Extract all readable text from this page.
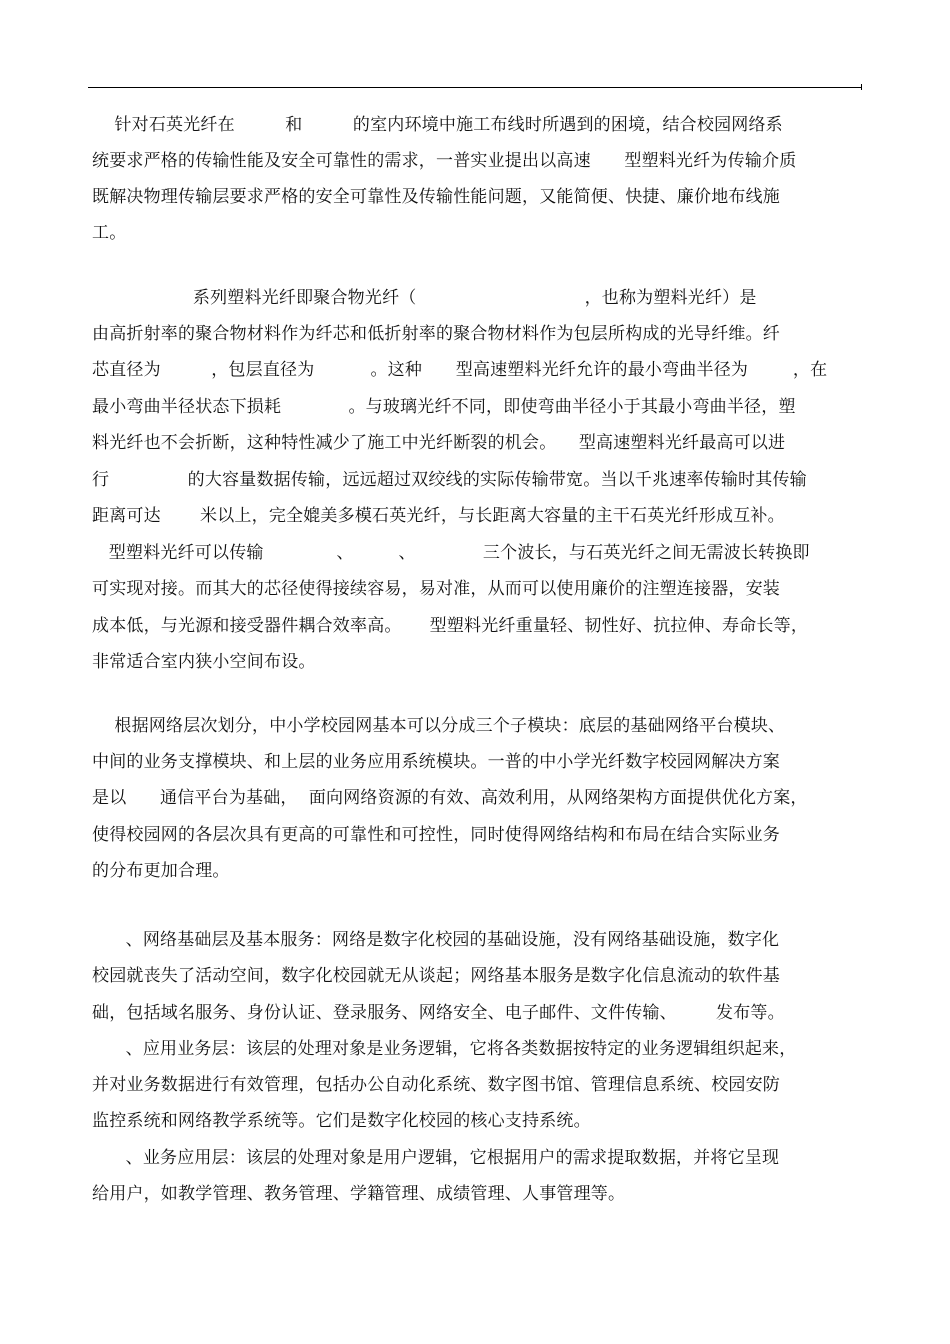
针对石英光纤在         和         的室内环境中施工布线时所遇到的困境，结合校园网络系
统要求严格的传输性能及安全可靠性的需求，一普实业提出以高速      型塑料光纤为传输介质
既解决物理传输层要求严格的安全可靠性及传输性能问题，又能简便、快捷、廉价地布线施
工。
系列塑料光纤即聚合物光纤（                              ，也称为塑料光纤）是
由高折射率的聚合物材料作为纤芯和低折射率的聚合物材料作为包层所构成的光导纤维。纤
芯直径为         ，包层直径为          。这种      型高速塑料光纤允许的最小弯曲半径为        ，在
最小弯曲半径状态下损耗            。与玻璃光纤不同，即使弯曲半径小于其最小弯曲半径，塑
料光纤也不会折断，这种特性减少了施工中光纤断裂的机会。    型高速塑料光纤最高可以进
行              的大容量数据传输，远远超过双绞线的实际传输带宽。当以千兆速率传输时其传输
距离可达       米以上，完全媲美多模石英光纤，与长距离大容量的主干石英光纤形成互补。
型塑料光纤可以传输             、        、            三个波长，与石英光纤之间无需波长转换即
可实现对接。而其大的芯径使得接续容易，易对准，从而可以使用廉价的注塑连接器，安装
成本低，与光源和接受器件耦合效率高。     型塑料光纤重量轻、韧性好、抗拉伸、寿命长等，
非常适合室内狭小空间布设。
根据网络层次划分，中小学校园网基本可以分成三个子模块：底层的基础网络平台模块、
中间的业务支撑模块、和上层的业务应用系统模块。一普的中小学光纤数字校园网解决方案
是以      通信平台为基础，  面向网络资源的有效、高效利用，从网络架构方面提供优化方案，
使得校园网的各层次具有更高的可靠性和可控性，同时使得网络结构和布局在结合实际业务
的分布更加合理。
、网络基础层及基本服务：网络是数字化校园的基础设施，没有网络基础设施，数字化
校园就丧失了活动空间，数字化校园就无从谈起；网络基本服务是数字化信息流动的软件基
础，包括域名服务、身份认证、登录服务、网络安全、电子邮件、文件传输、       发布等。
、应用业务层：该层的处理对象是业务逻辑，它将各类数据按特定的业务逻辑组织起来，
并对业务数据进行有效管理，包括办公自动化系统、数字图书馆、管理信息系统、校园安防
监控系统和网络教学系统等。它们是数字化校园的核心支持系统。
、业务应用层：该层的处理对象是用户逻辑，它根据用户的需求提取数据，并将它呈现
给用户，如教学管理、教务管理、学籍管理、成绩管理、人事管理等。
